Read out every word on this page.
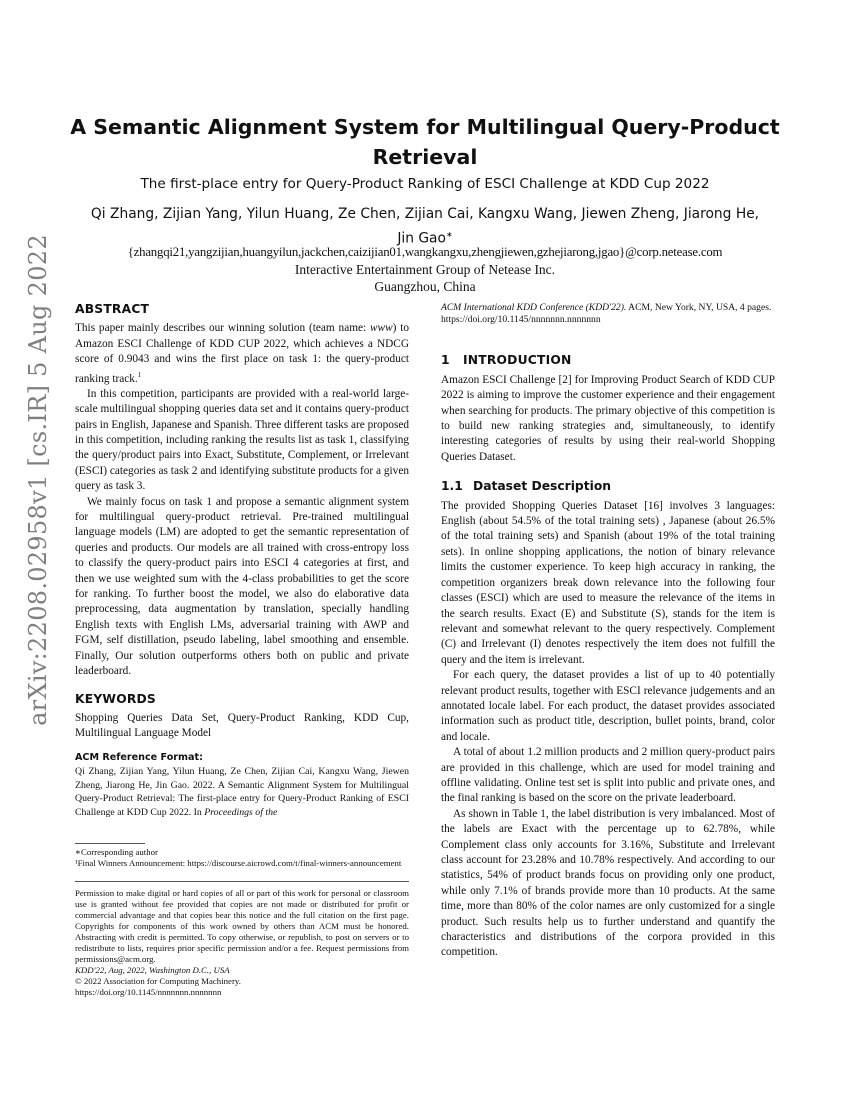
arXiv:2208.02958v1 [cs.IR] 5 Aug 2022
A Semantic Alignment System for Multilingual Query-Product Retrieval
The first-place entry for Query-Product Ranking of ESCI Challenge at KDD Cup 2022
Qi Zhang, Zijian Yang, Yilun Huang, Ze Chen, Zijian Cai, Kangxu Wang, Jiewen Zheng, Jiarong He, Jin Gao∗
{zhangqi21,yangzijian,huangyilun,jackchen,caizijian01,wangkangxu,zhengjiewen,gzhejiarong,jgao}@corp.netease.com
Interactive Entertainment Group of Netease Inc.
Guangzhou, China
ABSTRACT

This paper mainly describes our winning solution (team name: www) to Amazon ESCI Challenge of KDD CUP 2022, which achieves a NDCG score of 0.9043 and wins the first place on task 1: the query-product ranking track.$^1$

In this competition, participants are provided with a real-world large-scale multilingual shopping queries data set and it contains query-product pairs in English, Japanese and Spanish. Three different tasks are proposed in this competition, including ranking the results list as task 1, classifying the query/product pairs into Exact, Substitute, Complement, or Irrelevant (ESCI) categories as task 2 and identifying substitute products for a given query as task 3.

We mainly focus on task 1 and propose a semantic alignment system for multilingual query-product retrieval. Pre-trained multilingual language models (LM) are adopted to get the semantic representation of queries and products. Our models are all trained with cross-entropy loss to classify the query-product pairs into ESCI 4 categories at first, and then we use weighted sum with the 4-class probabilities to get the score for ranking. To further boost the model, we also do elaborative data preprocessing, data augmentation by translation, specially handling English texts with English LMs, adversarial training with AWP and FGM, self distillation, pseudo labeling, label smoothing and ensemble. Finally, Our solution outperforms others both on public and private leaderboard.

KEYWORDS

Shopping Queries Data Set, Query-Product Ranking, KDD Cup, Multilingual Language Model

ACM Reference Format:
Qi Zhang, Zijian Yang, Yilun Huang, Ze Chen, Zijian Cai, Kangxu Wang, Jiewen Zheng, Jiarong He, Jin Gao. 2022. A Semantic Alignment System for Multilingual Query-Product Retrieval: The first-place entry for Query-Product Ranking of ESCI Challenge at KDD Cup 2022. In Proceedings of the
∗Corresponding author
¹Final Winners Announcement: https://discourse.aicrowd.com/t/final-winners-announcement
Permission to make digital or hard copies of all or part of this work for personal or classroom use is granted without fee provided that copies are not made or distributed for profit or commercial advantage and that copies bear this notice and the full citation on the first page. Copyrights for components of this work owned by others than ACM must be honored. Abstracting with credit is permitted. To copy otherwise, or republish, to post on servers or to redistribute to lists, requires prior specific permission and/or a fee. Request permissions from permissions@acm.org.
KDD'22, Aug, 2022, Washington D.C., USA
© 2022 Association for Computing Machinery.
https://doi.org/10.1145/nnnnnnn.nnnnnnn
ACM International KDD Conference (KDD'22). ACM, New York, NY, USA, 4 pages. https://doi.org/10.1145/nnnnnnn.nnnnnnn
1 INTRODUCTION

Amazon ESCI Challenge [2] for Improving Product Search of KDD CUP 2022 is aiming to improve the customer experience and their engagement when searching for products. The primary objective of this competition is to build new ranking strategies and, simultaneously, to identify interesting categories of results by using their real-world Shopping Queries Dataset.

1.1 Dataset Description

The provided Shopping Queries Dataset [16] involves 3 languages: English (about 54.5% of the total training sets) , Japanese (about 26.5% of the total training sets) and Spanish (about 19% of the total training sets). In online shopping applications, the notion of binary relevance limits the customer experience. To keep high accuracy in ranking, the competition organizers break down relevance into the following four classes (ESCI) which are used to measure the relevance of the items in the search results. Exact (E) and Substitute (S), stands for the item is relevant and somewhat relevant to the query respectively. Complement (C) and Irrelevant (I) denotes respectively the item does not fulfill the query and the item is irrelevant.

For each query, the dataset provides a list of up to 40 potentially relevant product results, together with ESCI relevance judgements and an annotated locale label. For each product, the dataset provides associated information such as product title, description, bullet points, brand, color and locale.

A total of about 1.2 million products and 2 million query-product pairs are provided in this challenge, which are used for model training and offline validating. Online test set is split into public and private ones, and the final ranking is based on the score on the private leaderboard.

As shown in Table 1, the label distribution is very imbalanced. Most of the labels are Exact with the percentage up to 62.78%, while Complement class only accounts for 3.16%, Substitute and Irrelevant class account for 23.28% and 10.78% respectively. And according to our statistics, 54% of product brands focus on providing only one product, while only 7.1% of brands provide more than 10 products. At the same time, more than 80% of the color names are only customized for a single product. Such results help us to further understand and quantify the characteristics and distributions of the corpora provided in this competition.
